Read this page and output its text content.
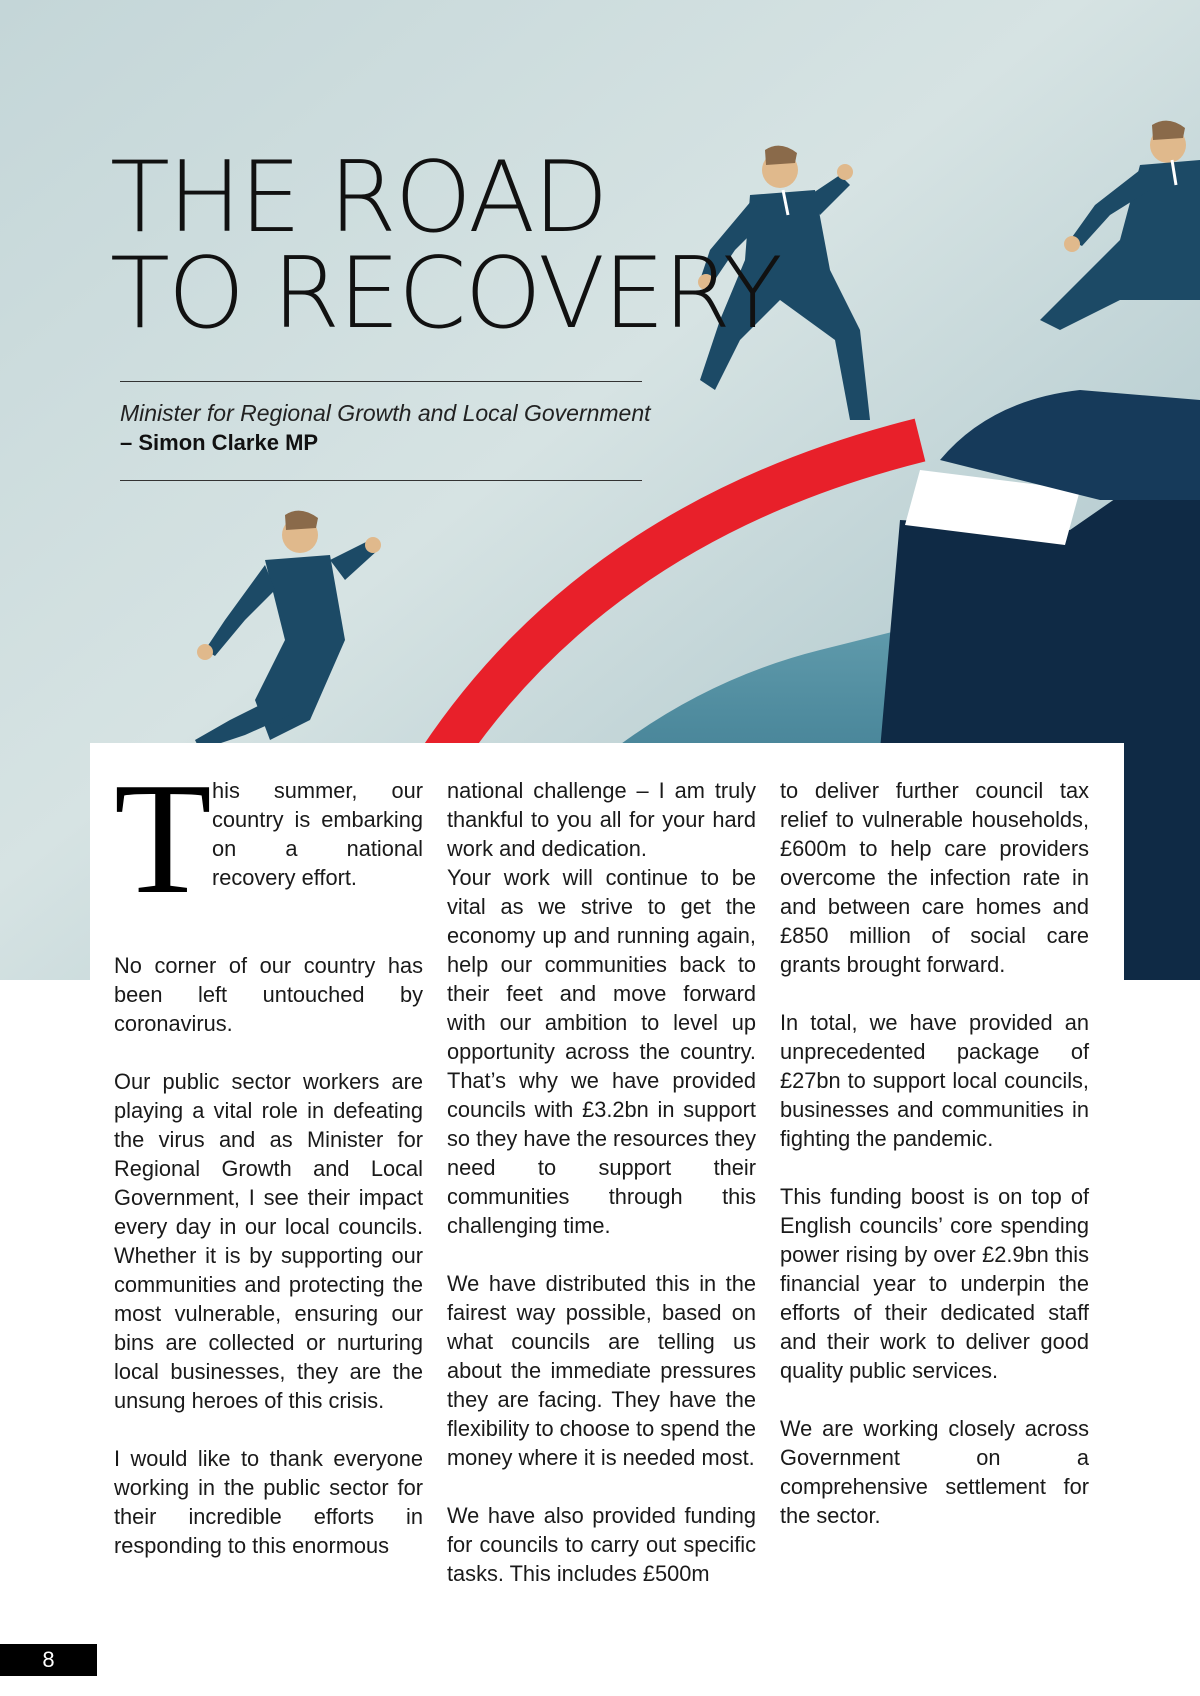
THE ROAD
TO RECOVERY
Minister for Regional Growth and Local Government
– Simon Clarke MP
T his summer, our country is embarking on a national recovery effort.

No corner of our country has been left untouched by coronavirus.

Our public sector workers are playing a vital role in defeating the virus and as Minister for Regional Growth and Local Government, I see their impact every day in our local councils. Whether it is by supporting our communities and protecting the most vulnerable, ensuring our bins are collected or nurturing local businesses, they are the unsung heroes of this crisis.

I would like to thank everyone working in the public sector for their incredible efforts in responding to this enormous

national challenge – I am truly thankful to you all for your hard work and dedication.

Your work will continue to be vital as we strive to get the economy up and running again, help our communities back to their feet and move forward with our ambition to level up opportunity across the country. That’s why we have provided councils with £3.2bn in support so they have the resources they need to support their communities through this challenging time.

We have distributed this in the fairest way possible, based on what councils are telling us about the immediate pressures they are facing. They have the flexibility to choose to spend the money where it is needed most.

We have also provided funding for councils to carry out specific tasks. This includes £500m

to deliver further council tax relief to vulnerable households, £600m to help care providers overcome the infection rate in and between care homes and £850 million of social care grants brought forward.

In total, we have provided an unprecedented package of £27bn to support local councils, businesses and communities in fighting the pandemic.

This funding boost is on top of English councils’ core spending power rising by over £2.9bn this financial year to underpin the efforts of their dedicated staff and their work to deliver good quality public services.

We are working closely across Government on a comprehensive settlement for the sector.

8
